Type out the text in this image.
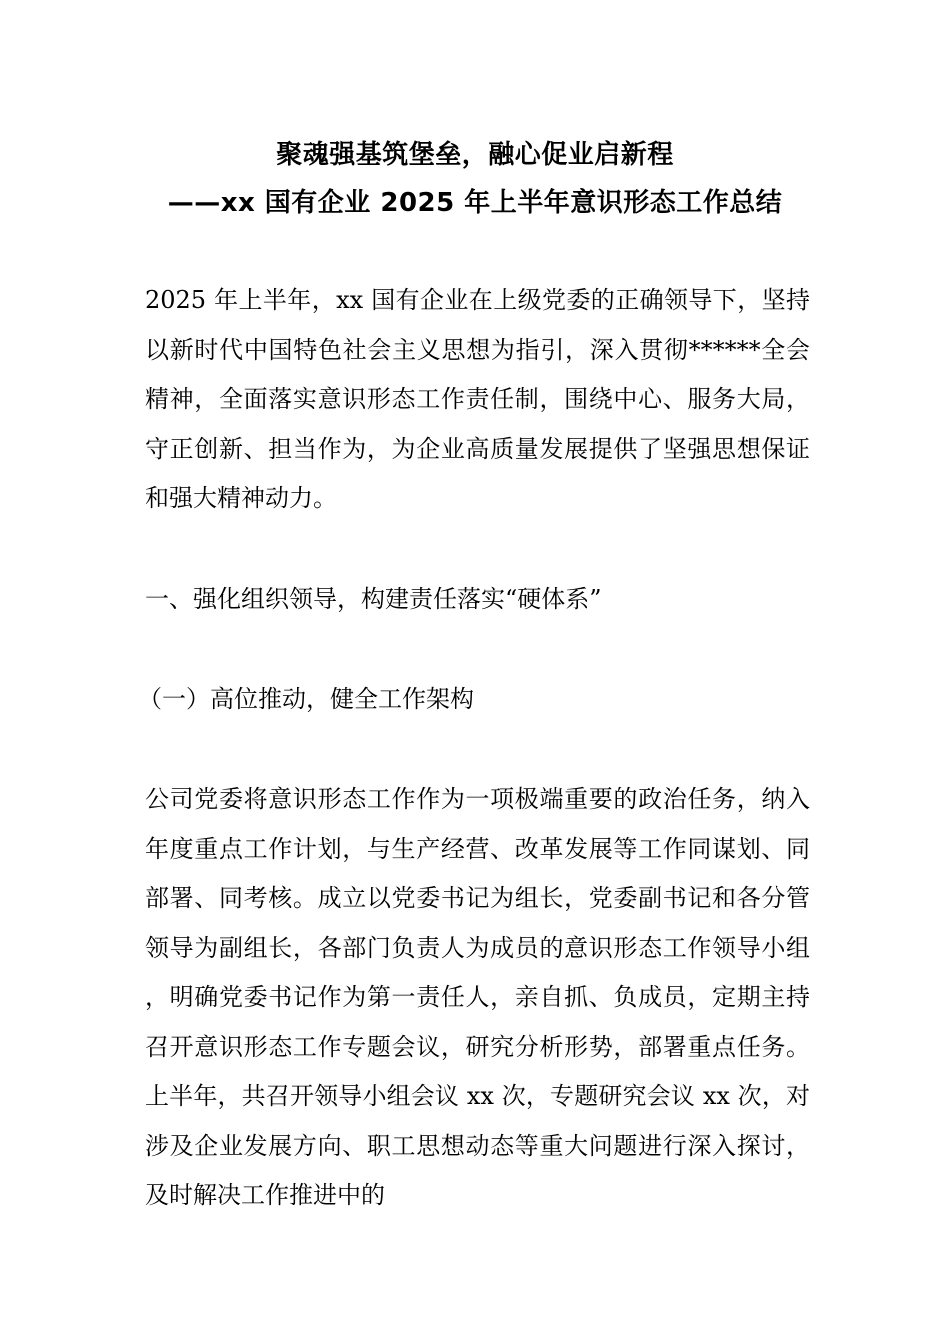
聚魂强基筑堡垒，融心促业启新程
——xx 国有企业 2025 年上半年意识形态工作总结

2025 年上半年，xx 国有企业在上级党委的正确领导下，坚持以新时代中国特色社会主义思想为指引，深入贯彻******全会精神，全面落实意识形态工作责任制，围绕中心、服务大局，守正创新、担当作为，为企业高质量发展提供了坚强思想保证和强大精神动力。

一、强化组织领导，构建责任落实“硬体系”

（一）高位推动，健全工作架构

公司党委将意识形态工作作为一项极端重要的政治任务，纳入年度重点工作计划，与生产经营、改革发展等工作同谋划、同部署、同考核。成立以党委书记为组长，党委副书记和各分管领导为副组长，各部门负责人为成员的意识形态工作领导小组，明确党委书记作为第一责任人，亲自抓、负成员，定期主持召开意识形态工作专题会议，研究分析形势，部署重点任务。上半年，共召开领导小组会议 xx 次，专题研究会议 xx 次，对涉及企业发展方向、职工思想动态等重大问题进行深入探讨，及时解决工作推进中的
